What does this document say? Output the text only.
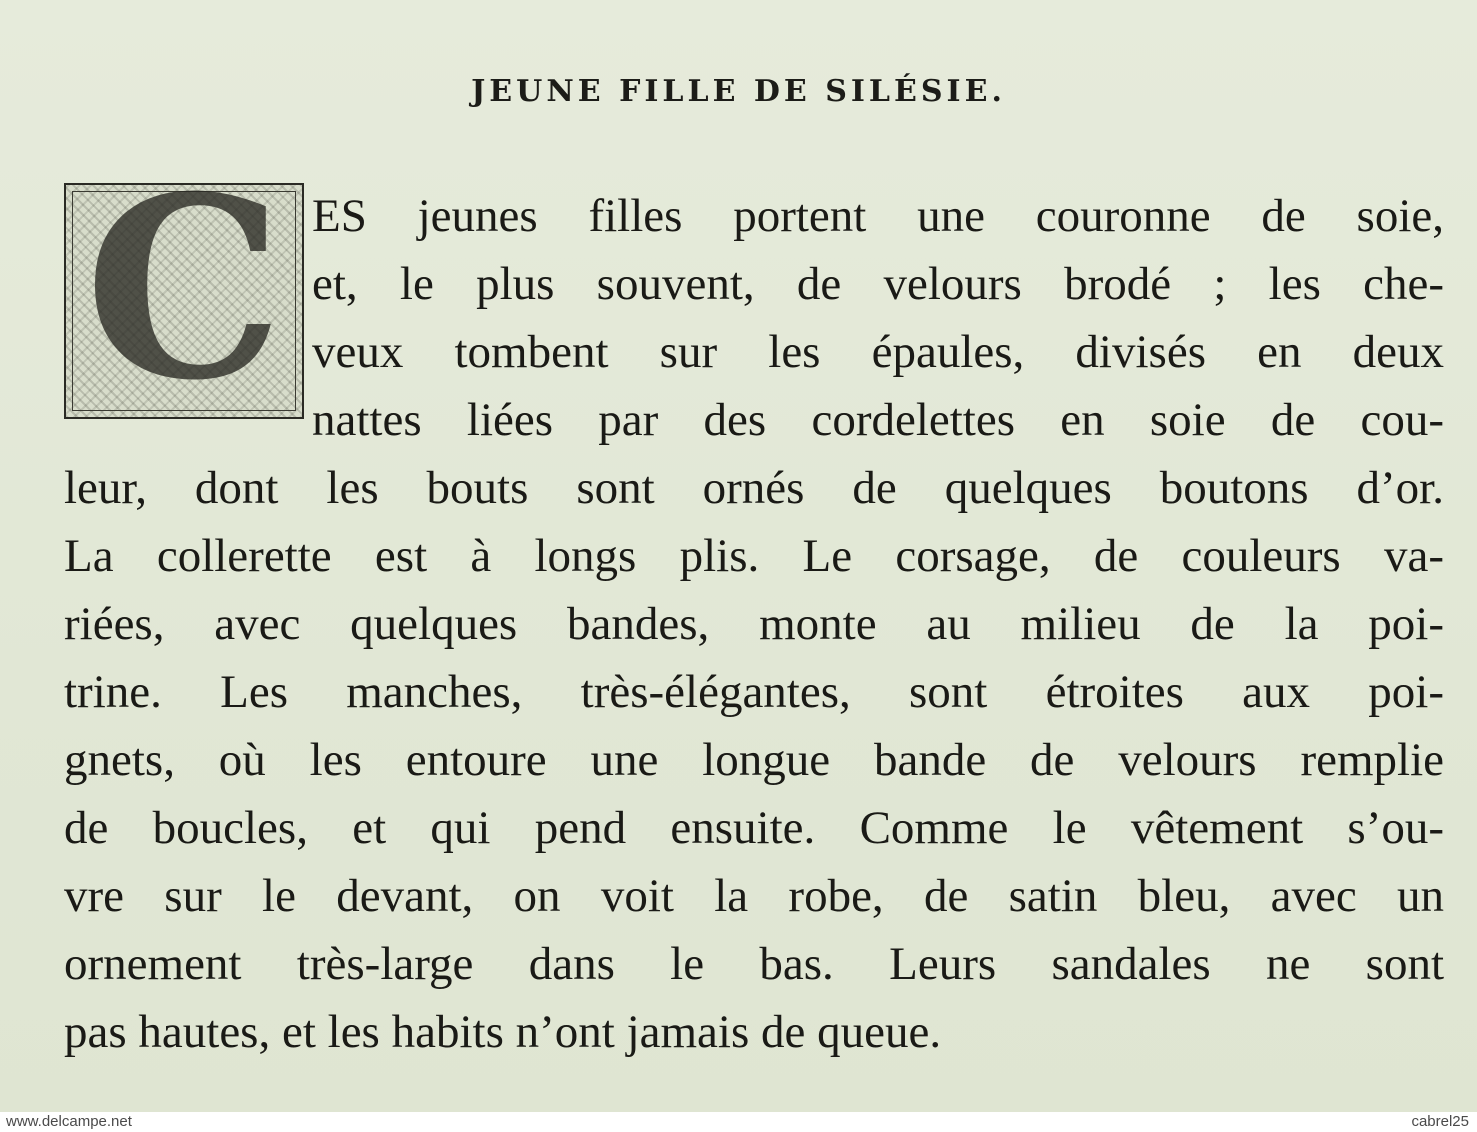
JEUNE FILLE DE SILÉSIE.
C ES jeunes filles portent une couronne de soie,
et, le plus souvent, de velours brodé ; les che-
veux tombent sur les épaules, divisés en deux
nattes liées par des cordelettes en soie de cou-
leur, dont les bouts sont ornés de quelques boutons d’or.
La collerette est à longs plis. Le corsage, de couleurs va-
riées, avec quelques bandes, monte au milieu de la poi-
trine. Les manches, très-élégantes, sont étroites aux poi-
gnets, où les entoure une longue bande de velours remplie
de boucles, et qui pend ensuite. Comme le vêtement s’ou-
vre sur le devant, on voit la robe, de satin bleu, avec un
ornement très-large dans le bas. Leurs sandales ne sont
pas hautes, et les habits n’ont jamais de queue.
www.delcampe.net	cabrel25
